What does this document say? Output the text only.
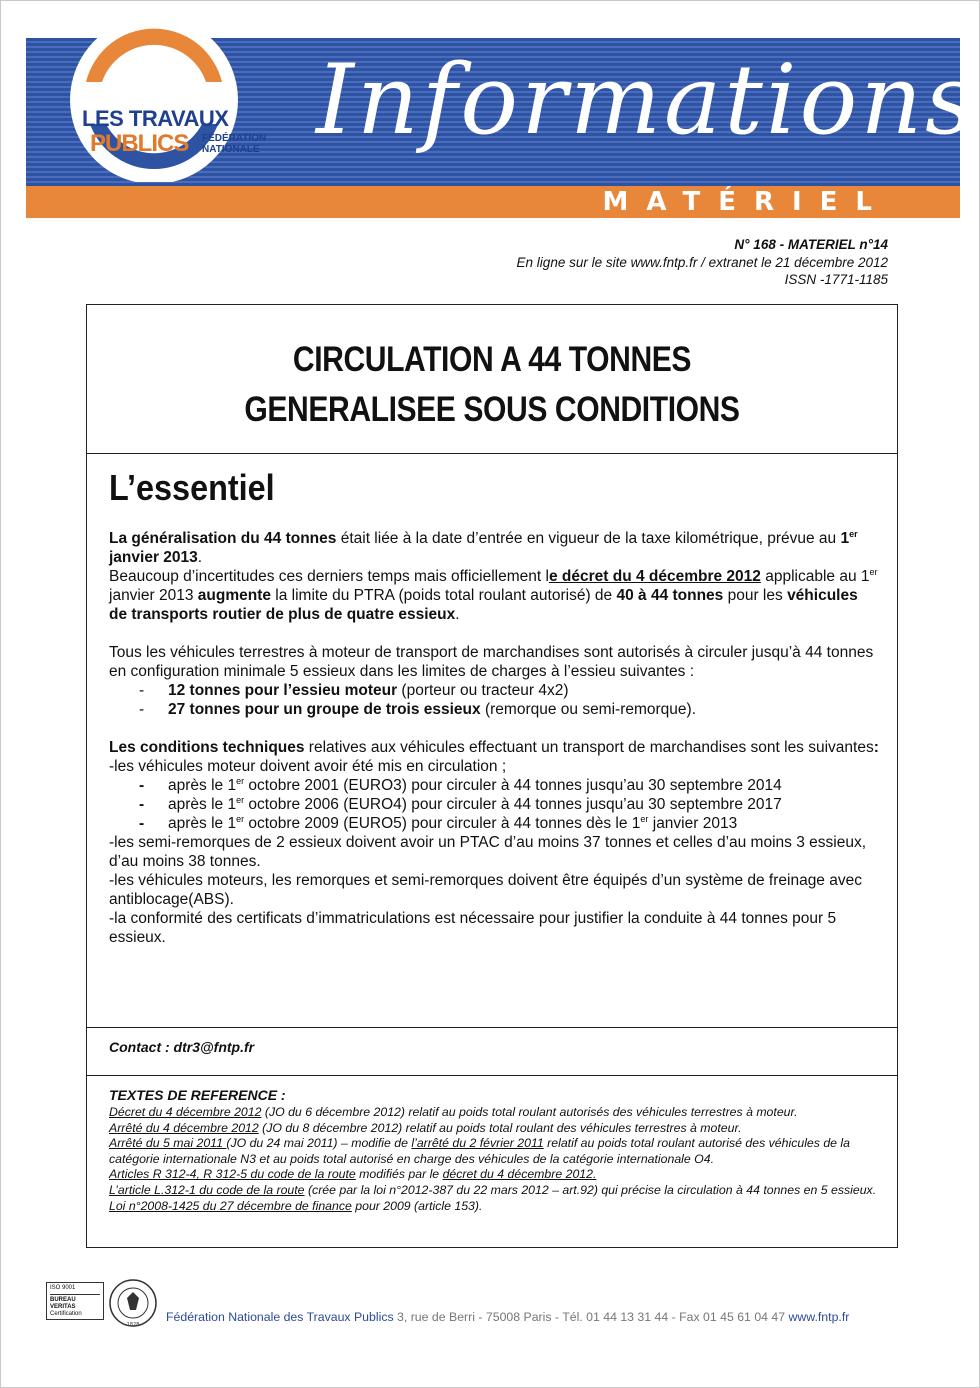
Informations
MATÉRIEL
LES TRAVAUX
PUBLICS FÉDÉRATION
NATIONALE
N° 168 - MATERIEL n°14
En ligne sur le site www.fntp.fr / extranet le 21 décembre 2012
ISSN -1771-1185
CIRCULATION A 44 TONNES
GENERALISEE SOUS CONDITIONS
L’essentiel

La généralisation du 44 tonnes était liée à la date d’entrée en vigueur de la taxe kilométrique, prévue au 1er janvier 2013.

Beaucoup d’incertitudes ces derniers temps mais officiellement le décret du 4 décembre 2012 applicable au 1er janvier 2013 augmente la limite du PTRA (poids total roulant autorisé) de 40 à 44 tonnes pour les véhicules de transports routier de plus de quatre essieux.

Tous les véhicules terrestres à moteur de transport de marchandises sont autorisés à circuler jusqu’à 44 tonnes en configuration minimale 5 essieux dans les limites de charges à l’essieu suivantes :

- 12 tonnes pour l’essieu moteur (porteur ou tracteur 4x2)
- 27 tonnes pour un groupe de trois essieux (remorque ou semi-remorque).

Les conditions techniques relatives aux véhicules effectuant un transport de marchandises sont les suivantes:

-les véhicules moteur doivent avoir été mis en circulation ;

- après le 1er octobre 2001 (EURO3) pour circuler à 44 tonnes jusqu’au 30 septembre 2014
- après le 1er octobre 2006 (EURO4) pour circuler à 44 tonnes jusqu’au 30 septembre 2017
- après le 1er octobre 2009 (EURO5) pour circuler à 44 tonnes dès le 1er janvier 2013

-les semi-remorques de 2 essieux doivent avoir un PTAC d’au moins 37 tonnes et celles d’au moins 3 essieux, d’au moins 38 tonnes.

-les véhicules moteurs, les remorques et semi-remorques doivent être équipés d’un système de freinage avec antiblocage(ABS).

-la conformité des certificats d’immatriculations est nécessaire pour justifier la conduite à 44 tonnes pour 5 essieux.

Contact : dtr3@fntp.fr
TEXTES DE REFERENCE :

Décret du 4 décembre 2012 (JO du 6 décembre 2012) relatif au poids total roulant autorisés des véhicules terrestres à moteur.

Arrêté du 4 décembre 2012 (JO du 8 décembre 2012) relatif au poids total roulant des véhicules terrestres à moteur.

Arrêté du 5 mai 2011 (JO du 24 mai 2011) – modifie de l’arrêté du 2 février 2011 relatif au poids total roulant autorisé des véhicules de la catégorie internationale N3 et au poids total autorisé en charge des véhicules de la catégorie internationale O4.

Articles R 312-4, R 312-5 du code de la route modifiés par le décret du 4 décembre 2012.

L’article L.312-1 du code de la route (crée par la loi n°2012-387 du 22 mars 2012 – art.92) qui précise la circulation à 44 tonnes en 5 essieux.

Loi n°2008-1425 du 27 décembre de finance pour 2009 (article 153).

ISO 9001
BUREAU VERITAS
Certification
1828
Fédération Nationale des Travaux Publics 3, rue de Berri - 75008 Paris - Tél. 01 44 13 31 44 - Fax 01 45 61 04 47 www.fntp.fr
